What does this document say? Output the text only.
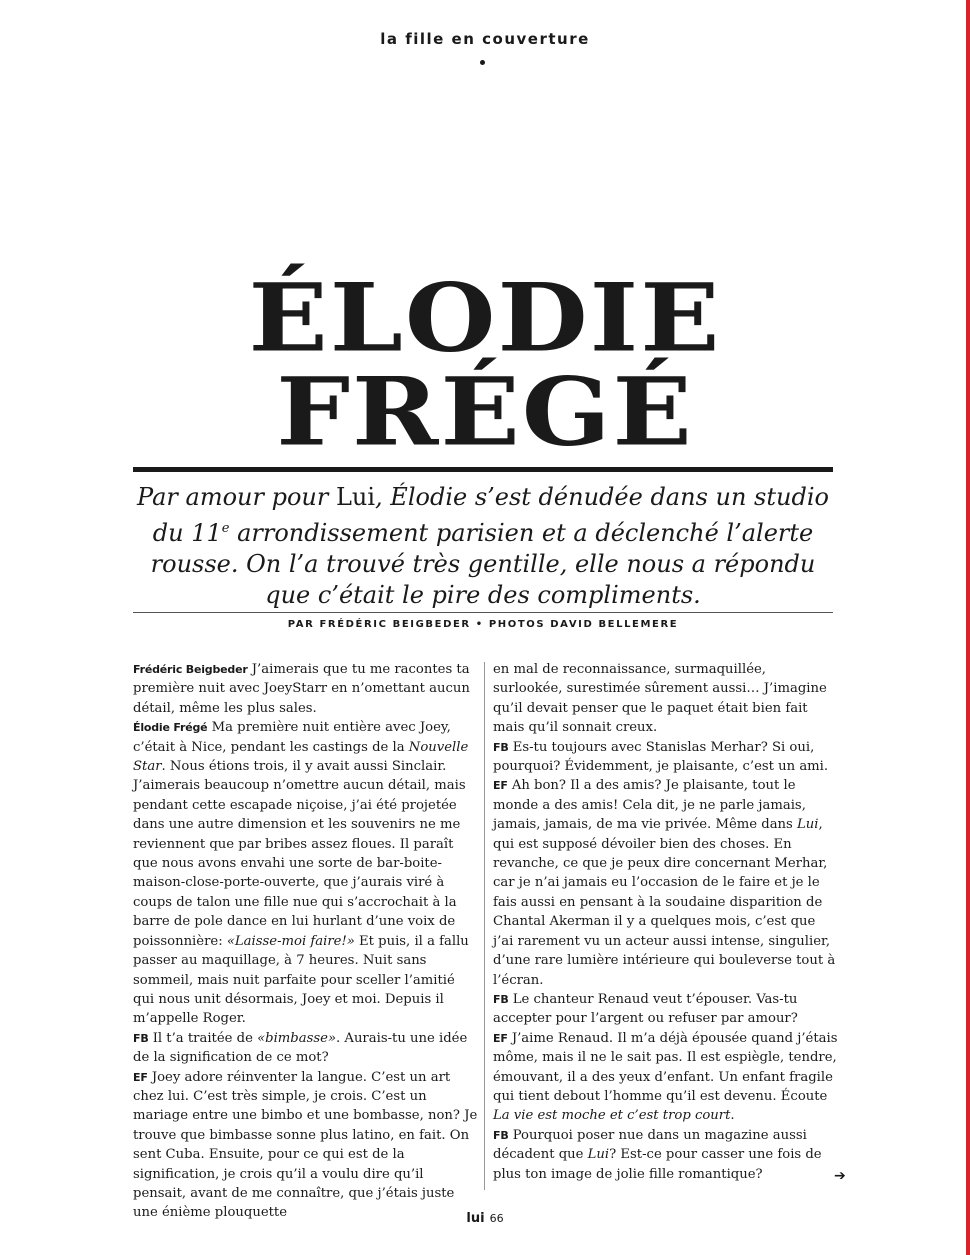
la fille en couverture
ÉLODIE
FRÉGÉ
Par amour pour Lui, Élodie s’est dénudée dans un studio du 11e arrondissement parisien et a déclenché l’alerte rousse. On l’a trouvé très gentille, elle nous a répondu que c’était le pire des compliments.
PAR FRÉDÉRIC BEIGBEDER • PHOTOS DAVID BELLEMERE

Frédéric Beigbeder J’aimerais que tu me racontes ta première nuit avec JoeyStarr en n’omettant aucun détail, même les plus sales.

Élodie Frégé Ma première nuit entière avec Joey, c’était à Nice, pendant les castings de la Nouvelle Star. Nous étions trois, il y avait aussi Sinclair. J’aimerais beaucoup n’omettre aucun détail, mais pendant cette escapade niçoise, j’ai été projetée dans une autre dimension et les souvenirs ne me reviennent que par bribes assez floues. Il paraît que nous avons envahi une sorte de bar-boite-maison-close-porte-ouverte, que j’aurais viré à coups de talon une fille nue qui s’accrochait à la barre de pole dance en lui hurlant d’une voix de poissonnière: «Laisse-moi faire!» Et puis, il a fallu passer au maquillage, à 7 heures. Nuit sans sommeil, mais nuit parfaite pour sceller l’amitié qui nous unit désormais, Joey et moi. Depuis il m’appelle Roger.

FB Il t’a traitée de «bimbasse». Aurais-tu une idée de la signification de ce mot?

EF Joey adore réinventer la langue. C’est un art chez lui. C’est très simple, je crois. C’est un mariage entre une bimbo et une bombasse, non? Je trouve que bimbasse sonne plus latino, en fait. On sent Cuba. Ensuite, pour ce qui est de la signification, je crois qu’il a voulu dire qu’il pensait, avant de me connaître, que j’étais juste une énième plouquette

en mal de reconnaissance, surmaquillée, surlookée, surestimée sûrement aussi… J’imagine qu’il devait penser que le paquet était bien fait mais qu’il sonnait creux.

FB Es-tu toujours avec Stanislas Merhar? Si oui, pourquoi? Évidemment, je plaisante, c’est un ami.

EF Ah bon? Il a des amis? Je plaisante, tout le monde a des amis! Cela dit, je ne parle jamais, jamais, jamais, de ma vie privée. Même dans Lui, qui est supposé dévoiler bien des choses. En revanche, ce que je peux dire concernant Merhar, car je n’ai jamais eu l’occasion de le faire et je le fais aussi en pensant à la soudaine disparition de Chantal Akerman il y a quelques mois, c’est que j’ai rarement vu un acteur aussi intense, singulier, d’une rare lumière intérieure qui bouleverse tout à l’écran.

FB Le chanteur Renaud veut t’épouser. Vas-tu accepter pour l’argent ou refuser par amour?

EF J’aime Renaud. Il m’a déjà épousée quand j’étais môme, mais il ne le sait pas. Il est espiègle, tendre, émouvant, il a des yeux d’enfant. Un enfant fragile qui tient debout l’homme qu’il est devenu. Écoute La vie est moche et c’est trop court.

FB Pourquoi poser nue dans un magazine aussi décadent que Lui? Est-ce pour casser une fois de plus ton image de jolie fille romantique?	➔
lui 66
